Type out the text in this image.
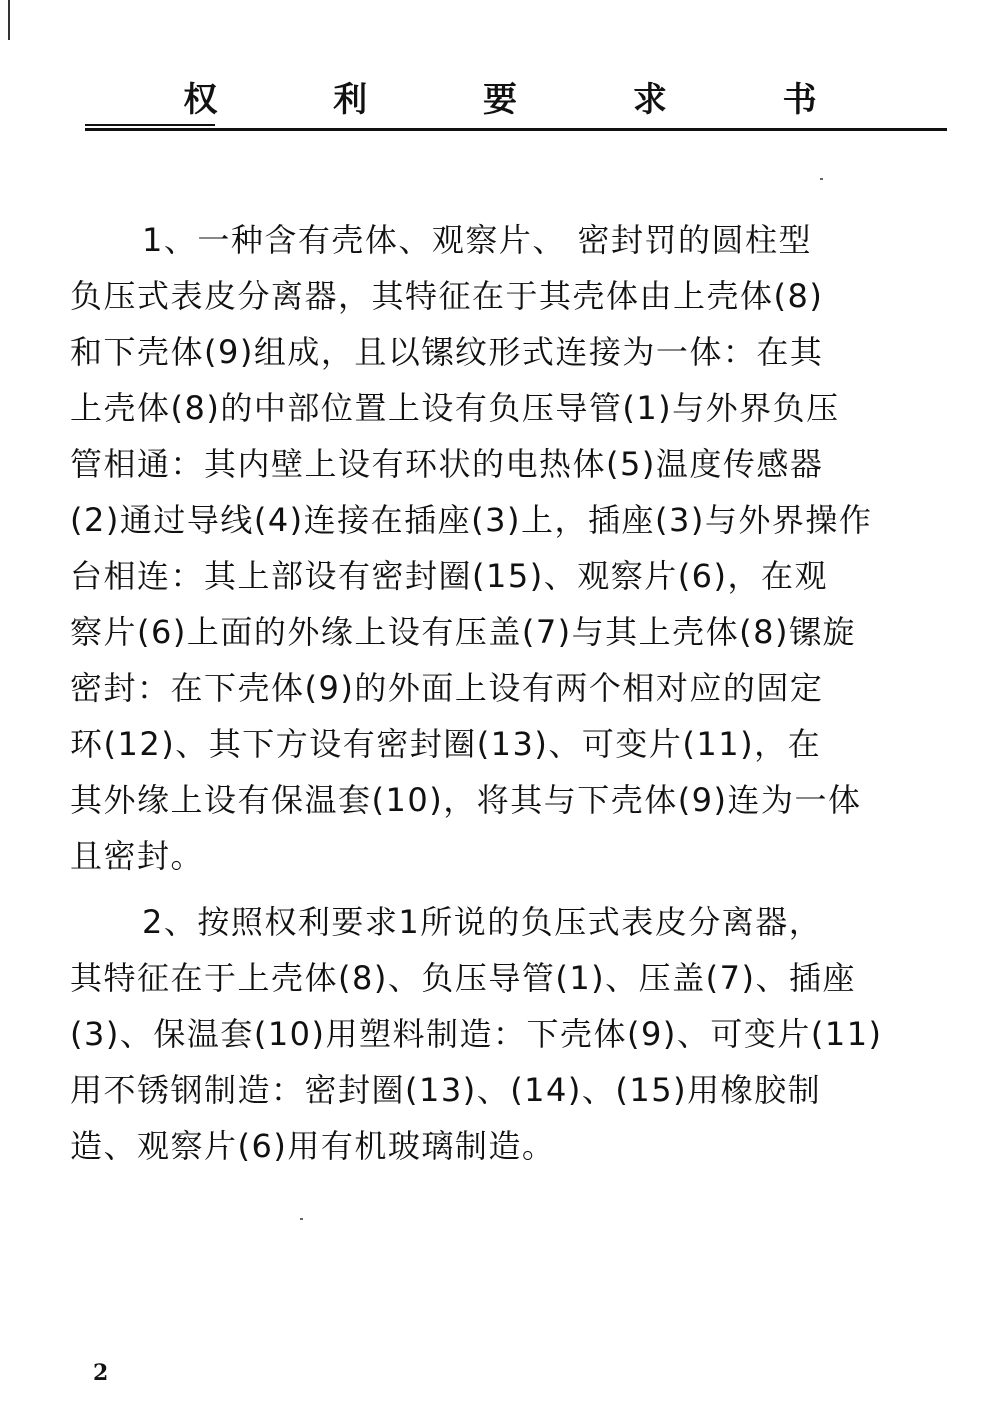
权 利 要 求 书
1、一种含有壳体、观察片、 密封罚的圆柱型
负压式表皮分离器，其特征在于其壳体由上壳体(8)
和下壳体(9)组成，且以镙纹形式连接为一体：在其
上壳体(8)的中部位置上设有负压导管(1)与外界负压
管相通：其内壁上设有环状的电热体(5)温度传感器
(2)通过导线(4)连接在插座(3)上，插座(3)与外界操作
台相连：其上部设有密封圈(15)、观察片(6)，在观
察片(6)上面的外缘上设有压盖(7)与其上壳体(8)镙旋
密封：在下壳体(9)的外面上设有两个相对应的固定
环(12)、其下方设有密封圈(13)、可变片(11)，在
其外缘上设有保温套(10)，将其与下壳体(9)连为一体
且密封。
2、按照权利要求1所说的负压式表皮分离器，
其特征在于上壳体(8)、负压导管(1)、压盖(7)、插座
(3)、保温套(10)用塑料制造：下壳体(9)、可变片(11)
用不锈钢制造：密封圈(13)、(14)、(15)用橡胶制
造、观察片(6)用有机玻璃制造。
2
